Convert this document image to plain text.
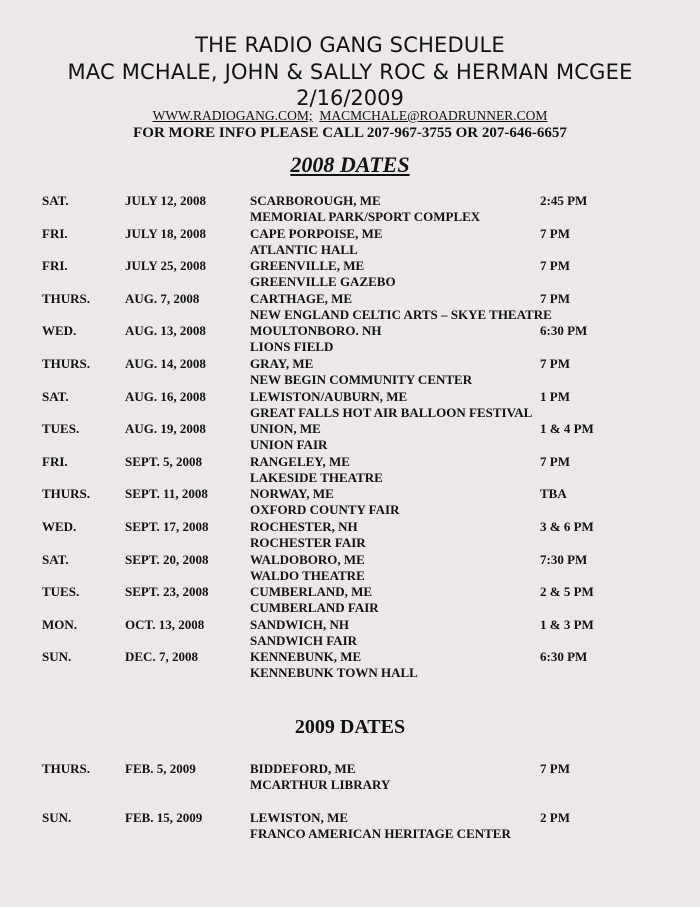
THE RADIO GANG SCHEDULE
MAC MCHALE, JOHN & SALLY ROC & HERMAN MCGEE
2/16/2009
WWW.RADIOGANG.COM; MACMCHALE@ROADRUNNER.COM
FOR MORE INFO PLEASE CALL 207-967-3755 OR 207-646-6657
2008 DATES
SAT.	JULY 12, 2008	SCARBOROUGH, ME	2:45 PM
MEMORIAL PARK/SPORT COMPLEX
FRI.	JULY 18, 2008	CAPE PORPOISE, ME	7 PM
ATLANTIC HALL
FRI.	JULY 25, 2008	GREENVILLE, ME	7 PM
GREENVILLE GAZEBO
THURS.	AUG. 7, 2008	CARTHAGE, ME	7 PM
NEW ENGLAND CELTIC ARTS – SKYE THEATRE
WED.	AUG. 13, 2008	MOULTONBORO. NH	6:30 PM
LIONS FIELD
THURS.	AUG. 14, 2008	GRAY, ME	7 PM
NEW BEGIN COMMUNITY CENTER
SAT.	AUG. 16, 2008	LEWISTON/AUBURN, ME	1 PM
GREAT FALLS HOT AIR BALLOON FESTIVAL
TUES.	AUG. 19, 2008	UNION, ME	1 & 4 PM
UNION FAIR
FRI.	SEPT. 5, 2008	RANGELEY, ME	7 PM
LAKESIDE THEATRE
THURS.	SEPT. 11, 2008	NORWAY, ME	TBA
OXFORD COUNTY FAIR
WED.	SEPT. 17, 2008	ROCHESTER, NH	3 & 6 PM
ROCHESTER FAIR
SAT.	SEPT. 20, 2008	WALDOBORO, ME	7:30 PM
WALDO THEATRE
TUES.	SEPT. 23, 2008	CUMBERLAND, ME	2 & 5 PM
CUMBERLAND FAIR
MON.	OCT. 13, 2008	SANDWICH, NH	1 & 3 PM
SANDWICH FAIR
SUN.	DEC. 7, 2008	KENNEBUNK, ME	6:30 PM
KENNEBUNK TOWN HALL
2009 DATES
THURS.	FEB. 5, 2009	BIDDEFORD, ME	7 PM
MCARTHUR LIBRARY
SUN.	FEB. 15, 2009	LEWISTON, ME	2 PM
FRANCO AMERICAN HERITAGE CENTER
